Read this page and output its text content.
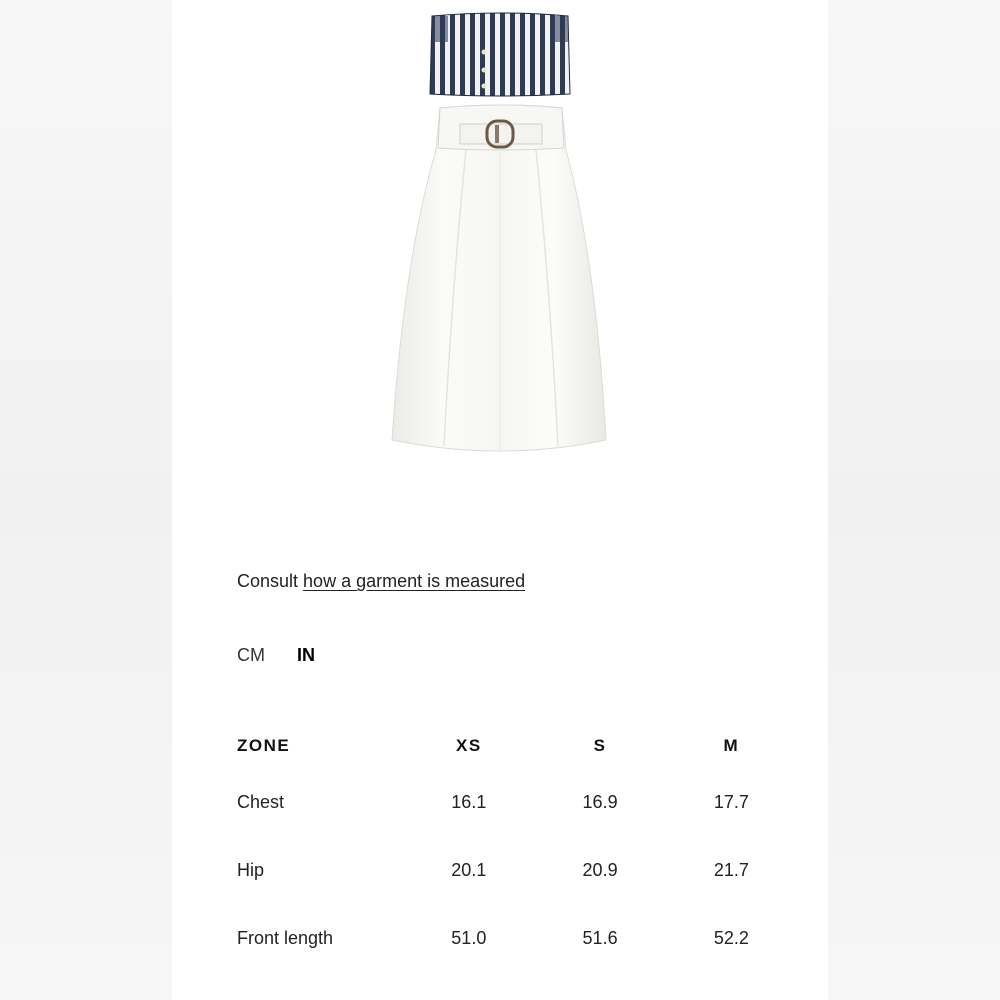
Consult how a garment is measured
CM IN
ZONE	XS	S	M
Chest	16.1	16.9	17.7
Hip	20.1	20.9	21.7
Front length	51.0	51.6	52.2
